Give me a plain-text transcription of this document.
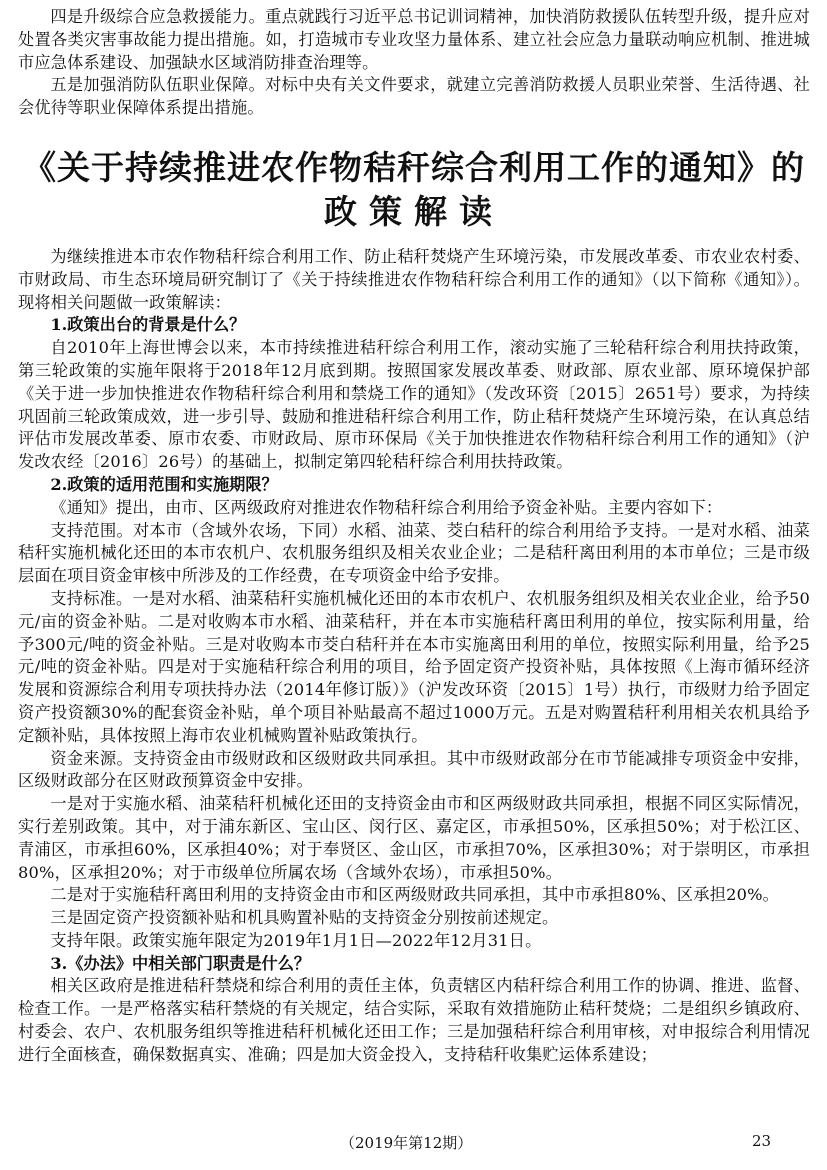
四是升级综合应急救援能力。重点就践行习近平总书记训词精神，加快消防救援队伍转型升级，提升应对处置各类灾害事故能力提出措施。如，打造城市专业攻坚力量体系、建立社会应急力量联动响应机制、推进城市应急体系建设、加强缺水区域消防排查治理等。

五是加强消防队伍职业保障。对标中央有关文件要求，就建立完善消防救援人员职业荣誉、生活待遇、社会优待等职业保障体系提出措施。

《关于持续推进农作物秸秆综合利用工作的通知》的
政策解读

为继续推进本市农作物秸秆综合利用工作、防止秸秆焚烧产生环境污染，市发展改革委、市农业农村委、市财政局、市生态环境局研究制订了《关于持续推进农作物秸秆综合利用工作的通知》（以下简称《通知》）。现将相关问题做一政策解读：

1.政策出台的背景是什么？

自2010年上海世博会以来，本市持续推进秸秆综合利用工作，滚动实施了三轮秸秆综合利用扶持政策，第三轮政策的实施年限将于2018年12月底到期。按照国家发展改革委、财政部、原农业部、原环境保护部《关于进一步加快推进农作物秸秆综合利用和禁烧工作的通知》（发改环资〔2015〕2651号）要求，为持续巩固前三轮政策成效，进一步引导、鼓励和推进秸秆综合利用工作，防止秸秆焚烧产生环境污染，在认真总结评估市发展改革委、原市农委、市财政局、原市环保局《关于加快推进农作物秸秆综合利用工作的通知》（沪发改农经〔2016〕26号）的基础上，拟制定第四轮秸秆综合利用扶持政策。

2.政策的适用范围和实施期限？

《通知》提出，由市、区两级政府对推进农作物秸秆综合利用给予资金补贴。主要内容如下：

支持范围。对本市（含域外农场，下同）水稻、油菜、茭白秸秆的综合利用给予支持。一是对水稻、油菜秸秆实施机械化还田的本市农机户、农机服务组织及相关农业企业；二是秸秆离田利用的本市单位；三是市级层面在项目资金审核中所涉及的工作经费，在专项资金中给予安排。

支持标准。一是对水稻、油菜秸秆实施机械化还田的本市农机户、农机服务组织及相关农业企业，给予50元/亩的资金补贴。二是对收购本市水稻、油菜秸秆，并在本市实施秸秆离田利用的单位，按实际利用量，给予300元/吨的资金补贴。三是对收购本市茭白秸秆并在本市实施离田利用的单位，按照实际利用量，给予25元/吨的资金补贴。四是对于实施秸秆综合利用的项目，给予固定资产投资补贴，具体按照《上海市循环经济发展和资源综合利用专项扶持办法（2014年修订版）》（沪发改环资〔2015〕1号）执行，市级财力给予固定资产投资额30%的配套资金补贴，单个项目补贴最高不超过1000万元。五是对购置秸秆利用相关农机具给予定额补贴，具体按照上海市农业机械购置补贴政策执行。

资金来源。支持资金由市级财政和区级财政共同承担。其中市级财政部分在市节能减排专项资金中安排，区级财政部分在区财政预算资金中安排。

一是对于实施水稻、油菜秸秆机械化还田的支持资金由市和区两级财政共同承担，根据不同区实际情况，实行差别政策。其中，对于浦东新区、宝山区、闵行区、嘉定区，市承担50%，区承担50%；对于松江区、青浦区，市承担60%，区承担40%；对于奉贤区、金山区，市承担70%，区承担30%；对于崇明区，市承担80%，区承担20%；对于市级单位所属农场（含域外农场），市承担50%。

二是对于实施秸秆离田利用的支持资金由市和区两级财政共同承担，其中市承担80%、区承担20%。

三是固定资产投资额补贴和机具购置补贴的支持资金分别按前述规定。

支持年限。政策实施年限定为2019年1月1日—2022年12月31日。

3.《办法》中相关部门职责是什么？

相关区政府是推进秸秆禁烧和综合利用的责任主体，负责辖区内秸秆综合利用工作的协调、推进、监督、检查工作。一是严格落实秸秆禁烧的有关规定，结合实际，采取有效措施防止秸秆焚烧；二是组织乡镇政府、村委会、农户、农机服务组织等推进秸秆机械化还田工作；三是加强秸秆综合利用审核，对申报综合利用情况进行全面核查，确保数据真实、准确；四是加大资金投入，支持秸秆收集贮运体系建设；

（2019年第12期）	23
